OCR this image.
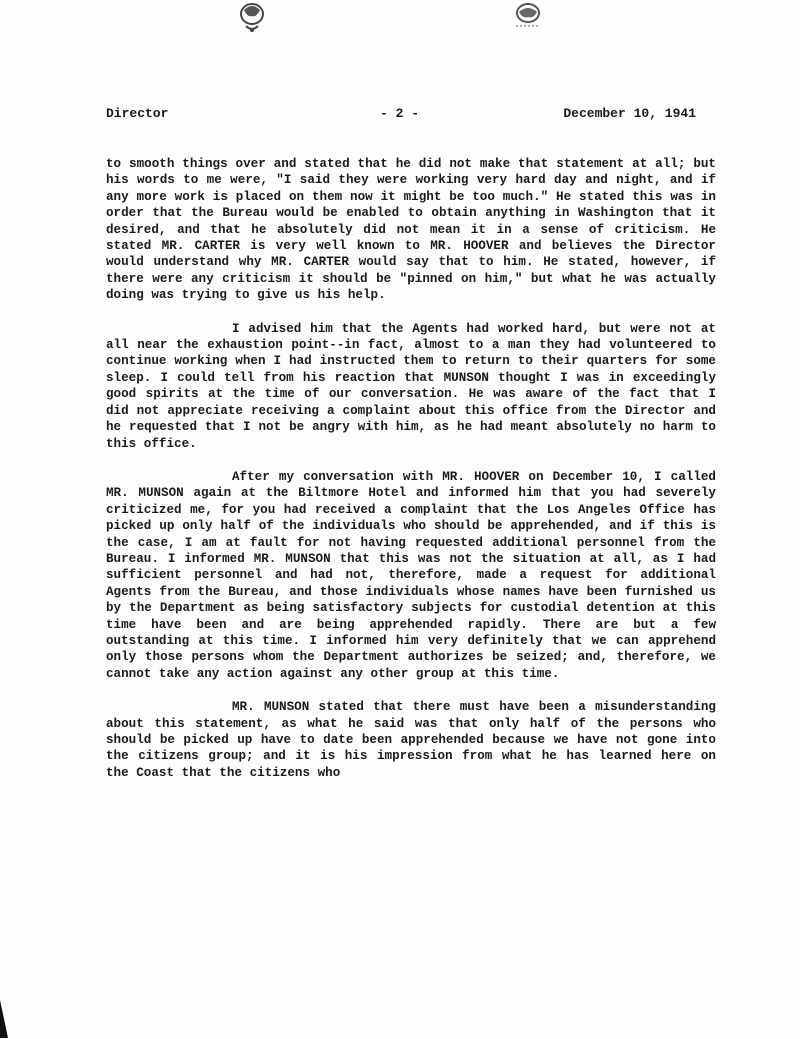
Director	- 2 -	December 10, 1941

to smooth things over and stated that he did not make that statement at all; but his words to me were, "I said they were working very hard day and night, and if any more work is placed on them now it might be too much." He stated this was in order that the Bureau would be enabled to obtain anything in Washington that it desired, and that he absolutely did not mean it in a sense of criticism. He stated MR. CARTER is very well known to MR. HOOVER and believes the Director would understand why MR. CARTER would say that to him. He stated, however, if there were any criticism it should be "pinned on him," but what he was actually doing was trying to give us his help.

I advised him that the Agents had worked hard, but were not at all near the exhaustion point--in fact, almost to a man they had volunteered to continue working when I had instructed them to return to their quarters for some sleep. I could tell from his reaction that MUNSON thought I was in exceedingly good spirits at the time of our conversation. He was aware of the fact that I did not appreciate receiving a complaint about this office from the Director and he requested that I not be angry with him, as he had meant absolutely no harm to this office.

After my conversation with MR. HOOVER on December 10, I called MR. MUNSON again at the Biltmore Hotel and informed him that you had severely criticized me, for you had received a complaint that the Los Angeles Office has picked up only half of the individuals who should be apprehended, and if this is the case, I am at fault for not having requested additional personnel from the Bureau. I informed MR. MUNSON that this was not the situation at all, as I had sufficient personnel and had not, therefore, made a request for additional Agents from the Bureau, and those individuals whose names have been furnished us by the Department as being satisfactory subjects for custodial detention at this time have been and are being apprehended rapidly. There are but a few outstanding at this time. I informed him very definitely that we can apprehend only those persons whom the Department authorizes be seized; and, therefore, we cannot take any action against any other group at this time.

MR. MUNSON stated that there must have been a misunderstanding about this statement, as what he said was that only half of the persons who should be picked up have to date been apprehended because we have not gone into the citizens group; and it is his impression from what he has learned here on the Coast that the citizens who
